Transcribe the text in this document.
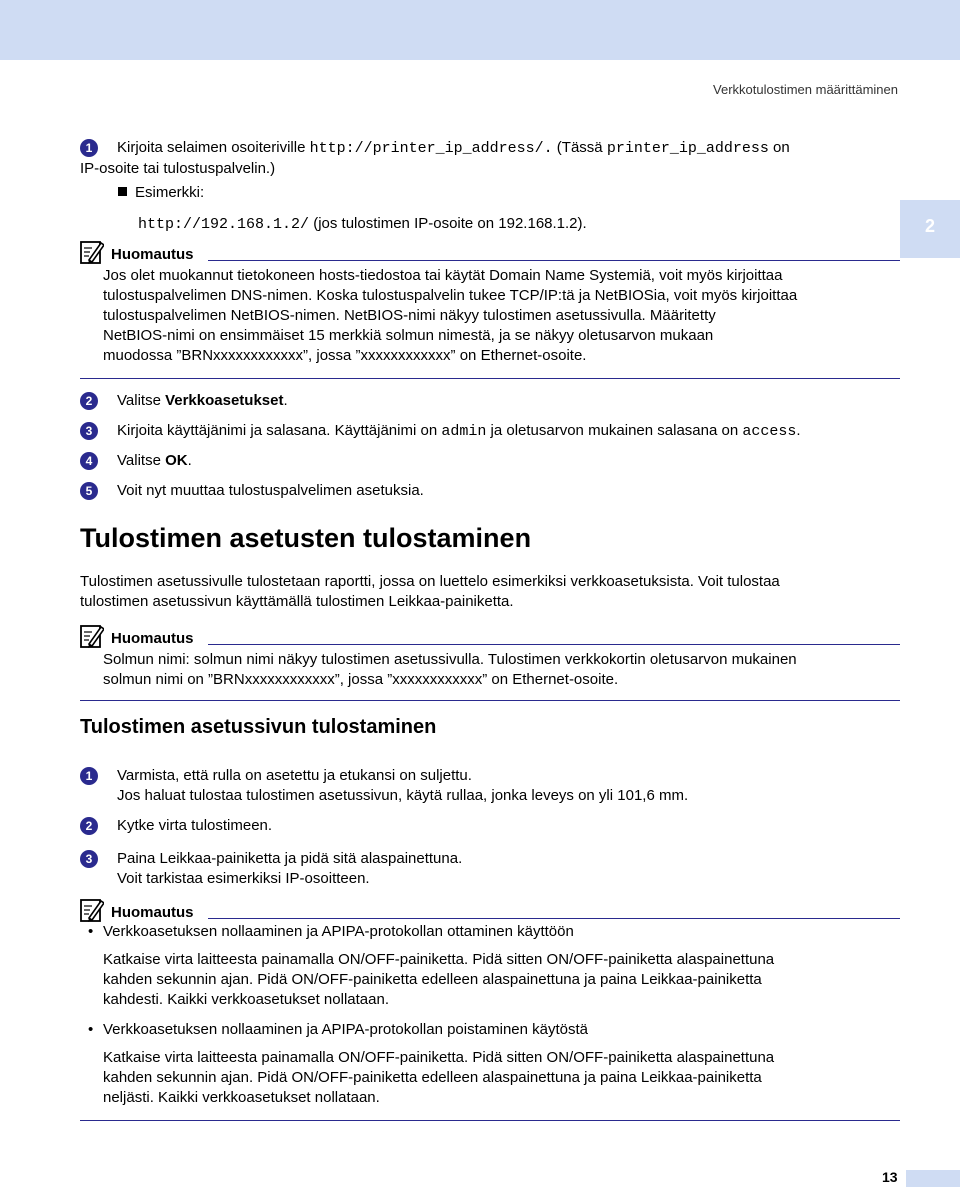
Verkkotulostimen määrittäminen
2
1	Kirjoita selaimen osoiteriville http://printer_ip_address/. (Tässä printer_ip_address on
IP-osoite tai tulostuspalvelin.)
Esimerkki:
http://192.168.1.2/ (jos tulostimen IP-osoite on 192.168.1.2).
Huomautus
Jos olet muokannut tietokoneen hosts-tiedostoa tai käytät Domain Name Systemiä, voit myös kirjoittaa
tulostuspalvelimen DNS-nimen. Koska tulostuspalvelin tukee TCP/IP:tä ja NetBIOSia, voit myös kirjoittaa
tulostuspalvelimen NetBIOS-nimen. NetBIOS-nimi näkyy tulostimen asetussivulla. Määritetty
NetBIOS-nimi on ensimmäiset 15 merkkiä solmun nimestä, ja se näkyy oletusarvon mukaan
muodossa ”BRNxxxxxxxxxxxx”, jossa ”xxxxxxxxxxxx” on Ethernet-osoite.
2	Valitse Verkkoasetukset.
3	Kirjoita käyttäjänimi ja salasana. Käyttäjänimi on admin ja oletusarvon mukainen salasana on access.
4	Valitse OK.
5	Voit nyt muuttaa tulostuspalvelimen asetuksia.
Tulostimen asetusten tulostaminen
Tulostimen asetussivulle tulostetaan raportti, jossa on luettelo esimerkiksi verkkoasetuksista. Voit tulostaa
tulostimen asetussivun käyttämällä tulostimen Leikkaa-painiketta.
Huomautus
Solmun nimi: solmun nimi näkyy tulostimen asetussivulla. Tulostimen verkkokortin oletusarvon mukainen
solmun nimi on ”BRNxxxxxxxxxxxx”, jossa ”xxxxxxxxxxxx” on Ethernet-osoite.
Tulostimen asetussivun tulostaminen
1	Varmista, että rulla on asetettu ja etukansi on suljettu.
Jos haluat tulostaa tulostimen asetussivun, käytä rullaa, jonka leveys on yli 101,6 mm.
2	Kytke virta tulostimeen.
3	Paina Leikkaa-painiketta ja pidä sitä alaspainettuna.
Voit tarkistaa esimerkiksi IP-osoitteen.
Huomautus
• Verkkoasetuksen nollaaminen ja APIPA-protokollan ottaminen käyttöön
Katkaise virta laitteesta painamalla ON/OFF-painiketta. Pidä sitten ON/OFF-painiketta alaspainettuna
kahden sekunnin ajan. Pidä ON/OFF-painiketta edelleen alaspainettuna ja paina Leikkaa-painiketta
kahdesti. Kaikki verkkoasetukset nollataan.
• Verkkoasetuksen nollaaminen ja APIPA-protokollan poistaminen käytöstä
Katkaise virta laitteesta painamalla ON/OFF-painiketta. Pidä sitten ON/OFF-painiketta alaspainettuna
kahden sekunnin ajan. Pidä ON/OFF-painiketta edelleen alaspainettuna ja paina Leikkaa-painiketta
neljästi. Kaikki verkkoasetukset nollataan.
13
